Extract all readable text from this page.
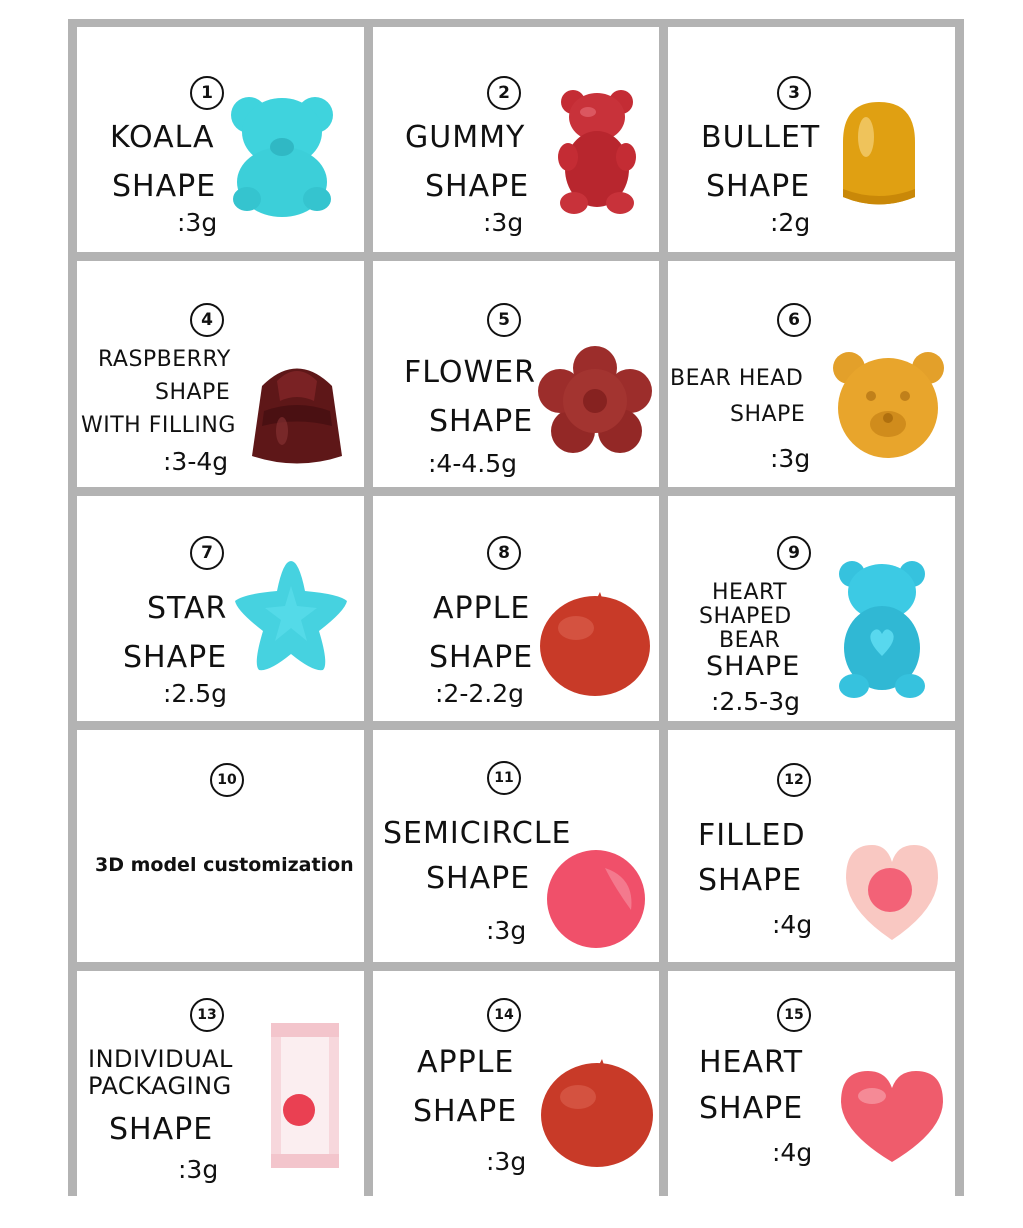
1
KOALA
SHAPE
:3g
2
GUMMY
SHAPE
:3g
3
BULLET
SHAPE
:2g
4
RASPBERRY
SHAPE
WITH FILLING
:3-4g
5
FLOWER
SHAPE
:4-4.5g
6
BEAR HEAD
SHAPE
:3g
7
STAR
SHAPE
:2.5g
8
APPLE
SHAPE
:2-2.2g
9
HEART
SHAPED
BEAR
SHAPE
:2.5-3g
10
3D model customization
11
SEMICIRCLE
SHAPE
:3g
12
FILLED
SHAPE
:4g
13
INDIVIDUAL
PACKAGING
SHAPE
:3g
14
APPLE
SHAPE
:3g
15
HEART
SHAPE
:4g
